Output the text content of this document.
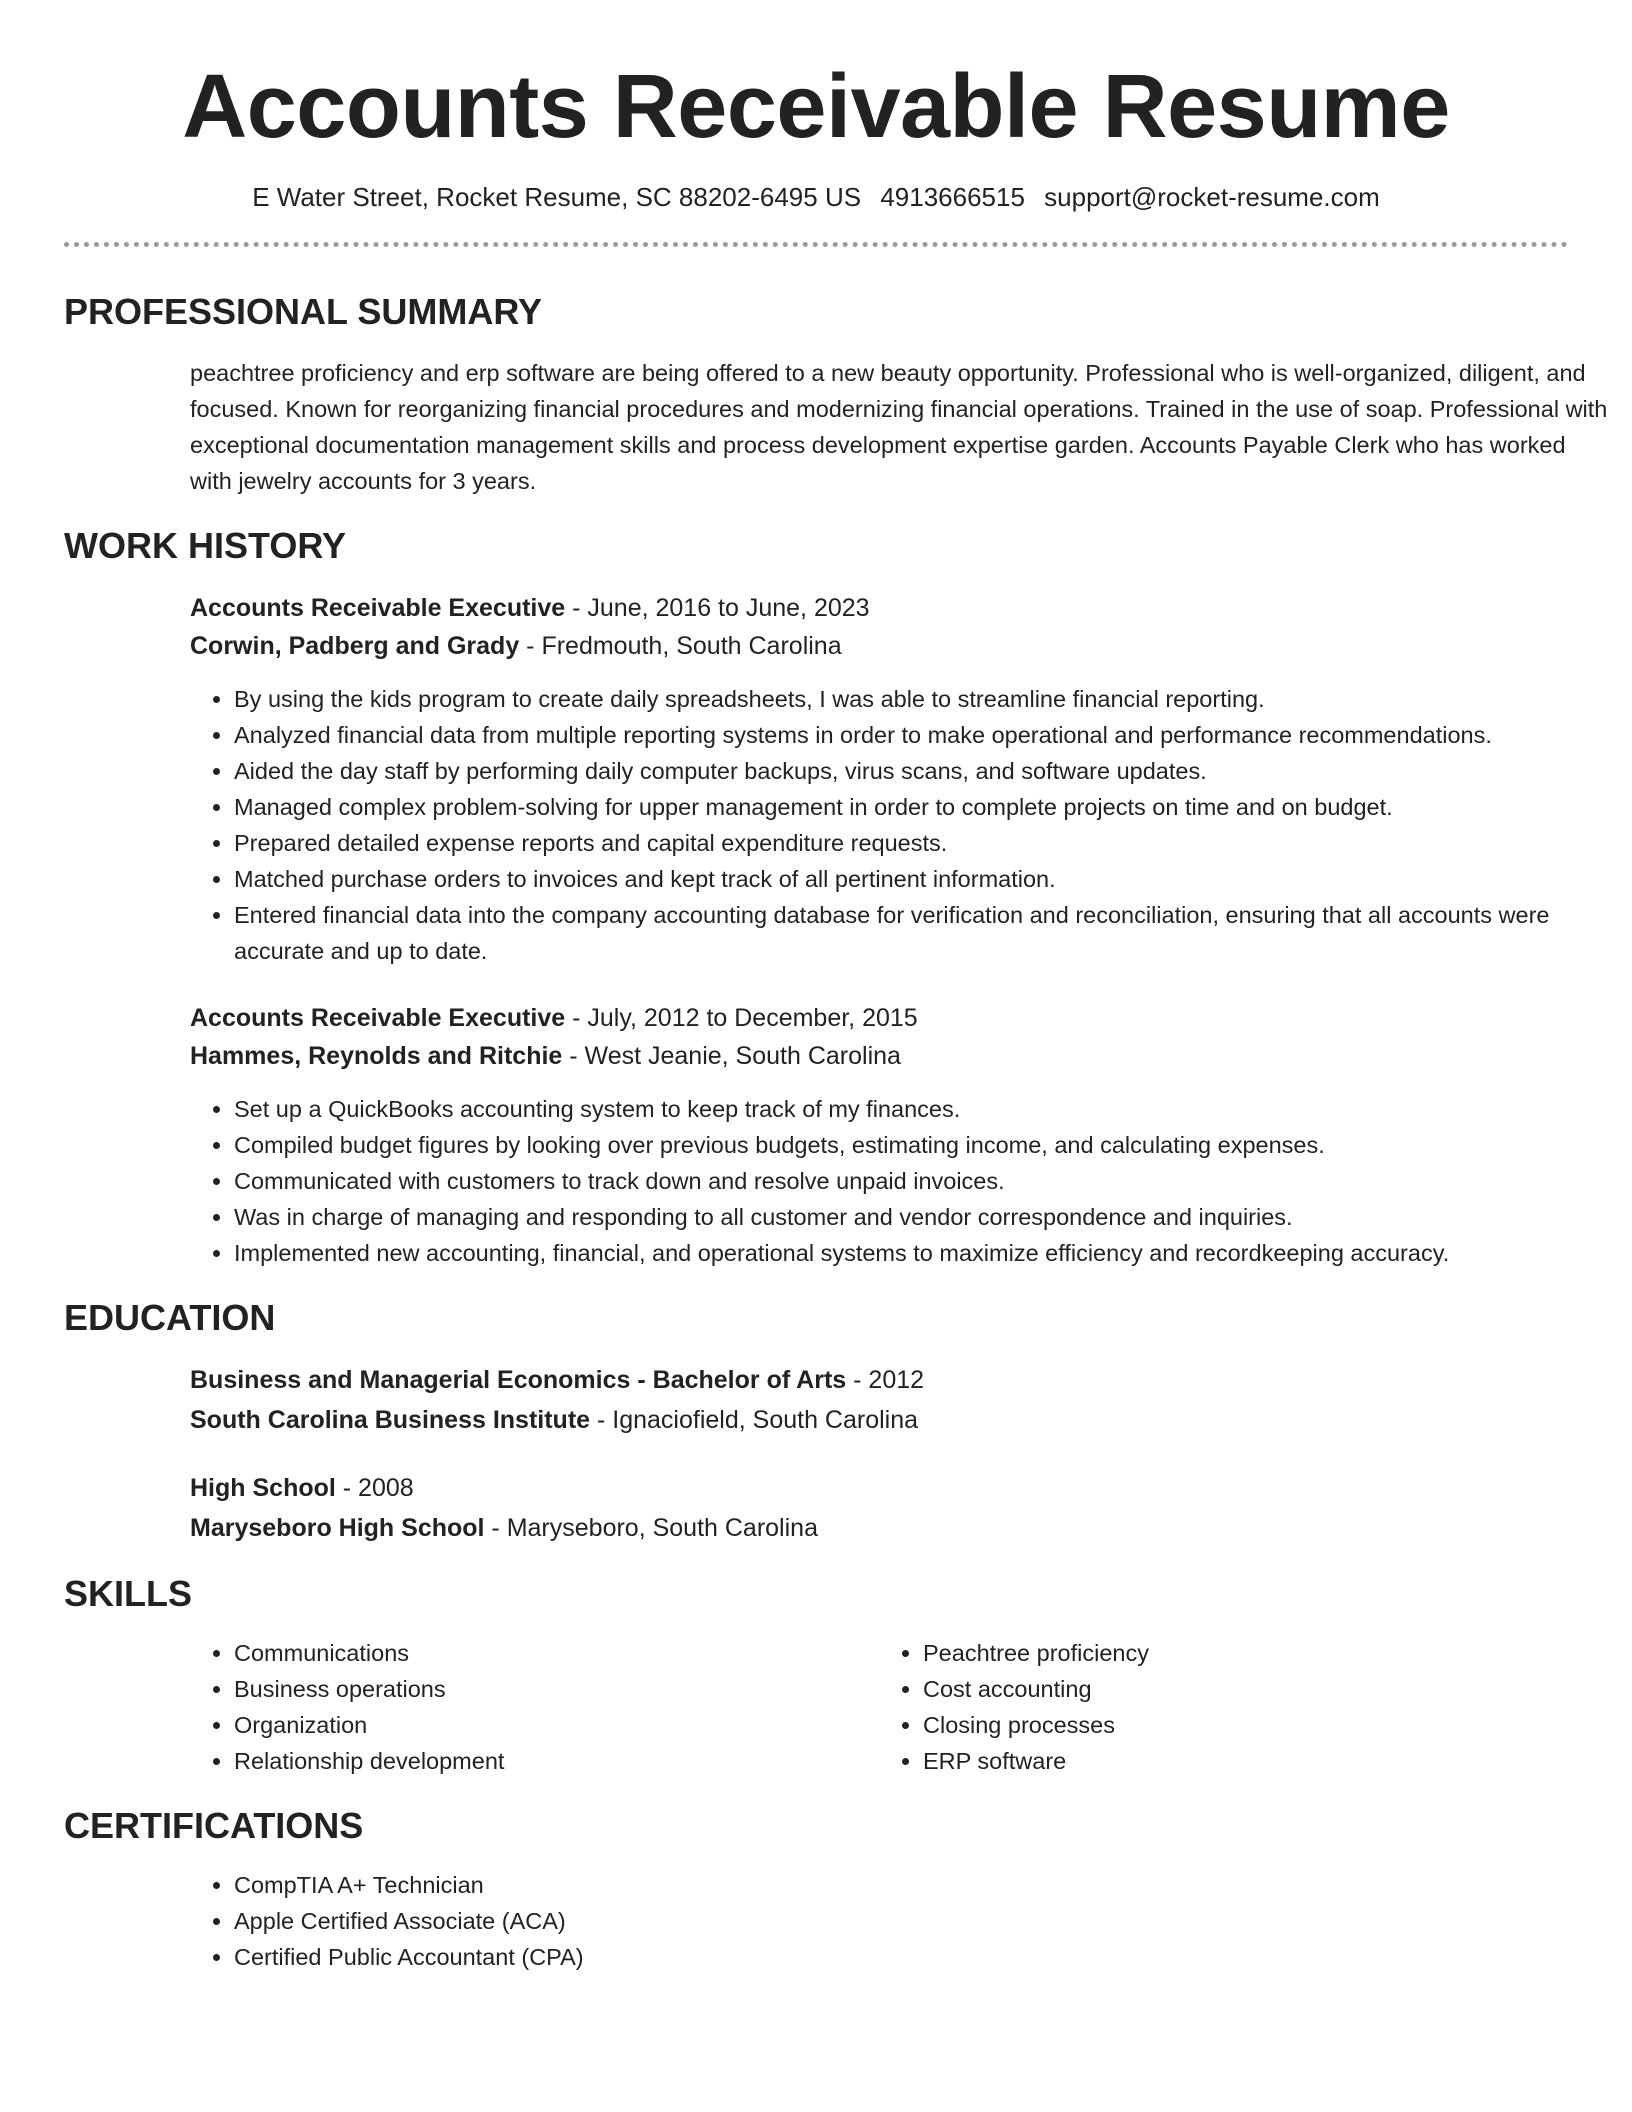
Accounts Receivable Resume
E Water Street, Rocket Resume, SC 88202-6495 US 4913666515 support@rocket-resume.com
PROFESSIONAL SUMMARY

peachtree proficiency and erp software are being offered to a new beauty opportunity. Professional who is well-organized, diligent, and focused. Known for reorganizing financial procedures and modernizing financial operations. Trained in the use of soap. Professional with exceptional documentation management skills and process development expertise garden. Accounts Payable Clerk who has worked with jewelry accounts for 3 years.

WORK HISTORY
Accounts Receivable Executive - June, 2016 to June, 2023
Corwin, Padberg and Grady - Fredmouth, South Carolina
• By using the kids program to create daily spreadsheets, I was able to streamline financial reporting.
• Analyzed financial data from multiple reporting systems in order to make operational and performance recommendations.
• Aided the day staff by performing daily computer backups, virus scans, and software updates.
• Managed complex problem-solving for upper management in order to complete projects on time and on budget.
• Prepared detailed expense reports and capital expenditure requests.
• Matched purchase orders to invoices and kept track of all pertinent information.
• Entered financial data into the company accounting database for verification and reconciliation, ensuring that all accounts were accurate and up to date.
Accounts Receivable Executive - July, 2012 to December, 2015
Hammes, Reynolds and Ritchie - West Jeanie, South Carolina
• Set up a QuickBooks accounting system to keep track of my finances.
• Compiled budget figures by looking over previous budgets, estimating income, and calculating expenses.
• Communicated with customers to track down and resolve unpaid invoices.
• Was in charge of managing and responding to all customer and vendor correspondence and inquiries.
• Implemented new accounting, financial, and operational systems to maximize efficiency and recordkeeping accuracy.
EDUCATION
Business and Managerial Economics - Bachelor of Arts - 2012
South Carolina Business Institute - Ignaciofield, South Carolina
High School - 2008
Maryseboro High School - Maryseboro, South Carolina
SKILLS
• Communications
• Business operations
• Organization
• Relationship development
• Peachtree proficiency
• Cost accounting
• Closing processes
• ERP software
CERTIFICATIONS
• CompTIA A+ Technician
• Apple Certified Associate (ACA)
• Certified Public Accountant (CPA)
